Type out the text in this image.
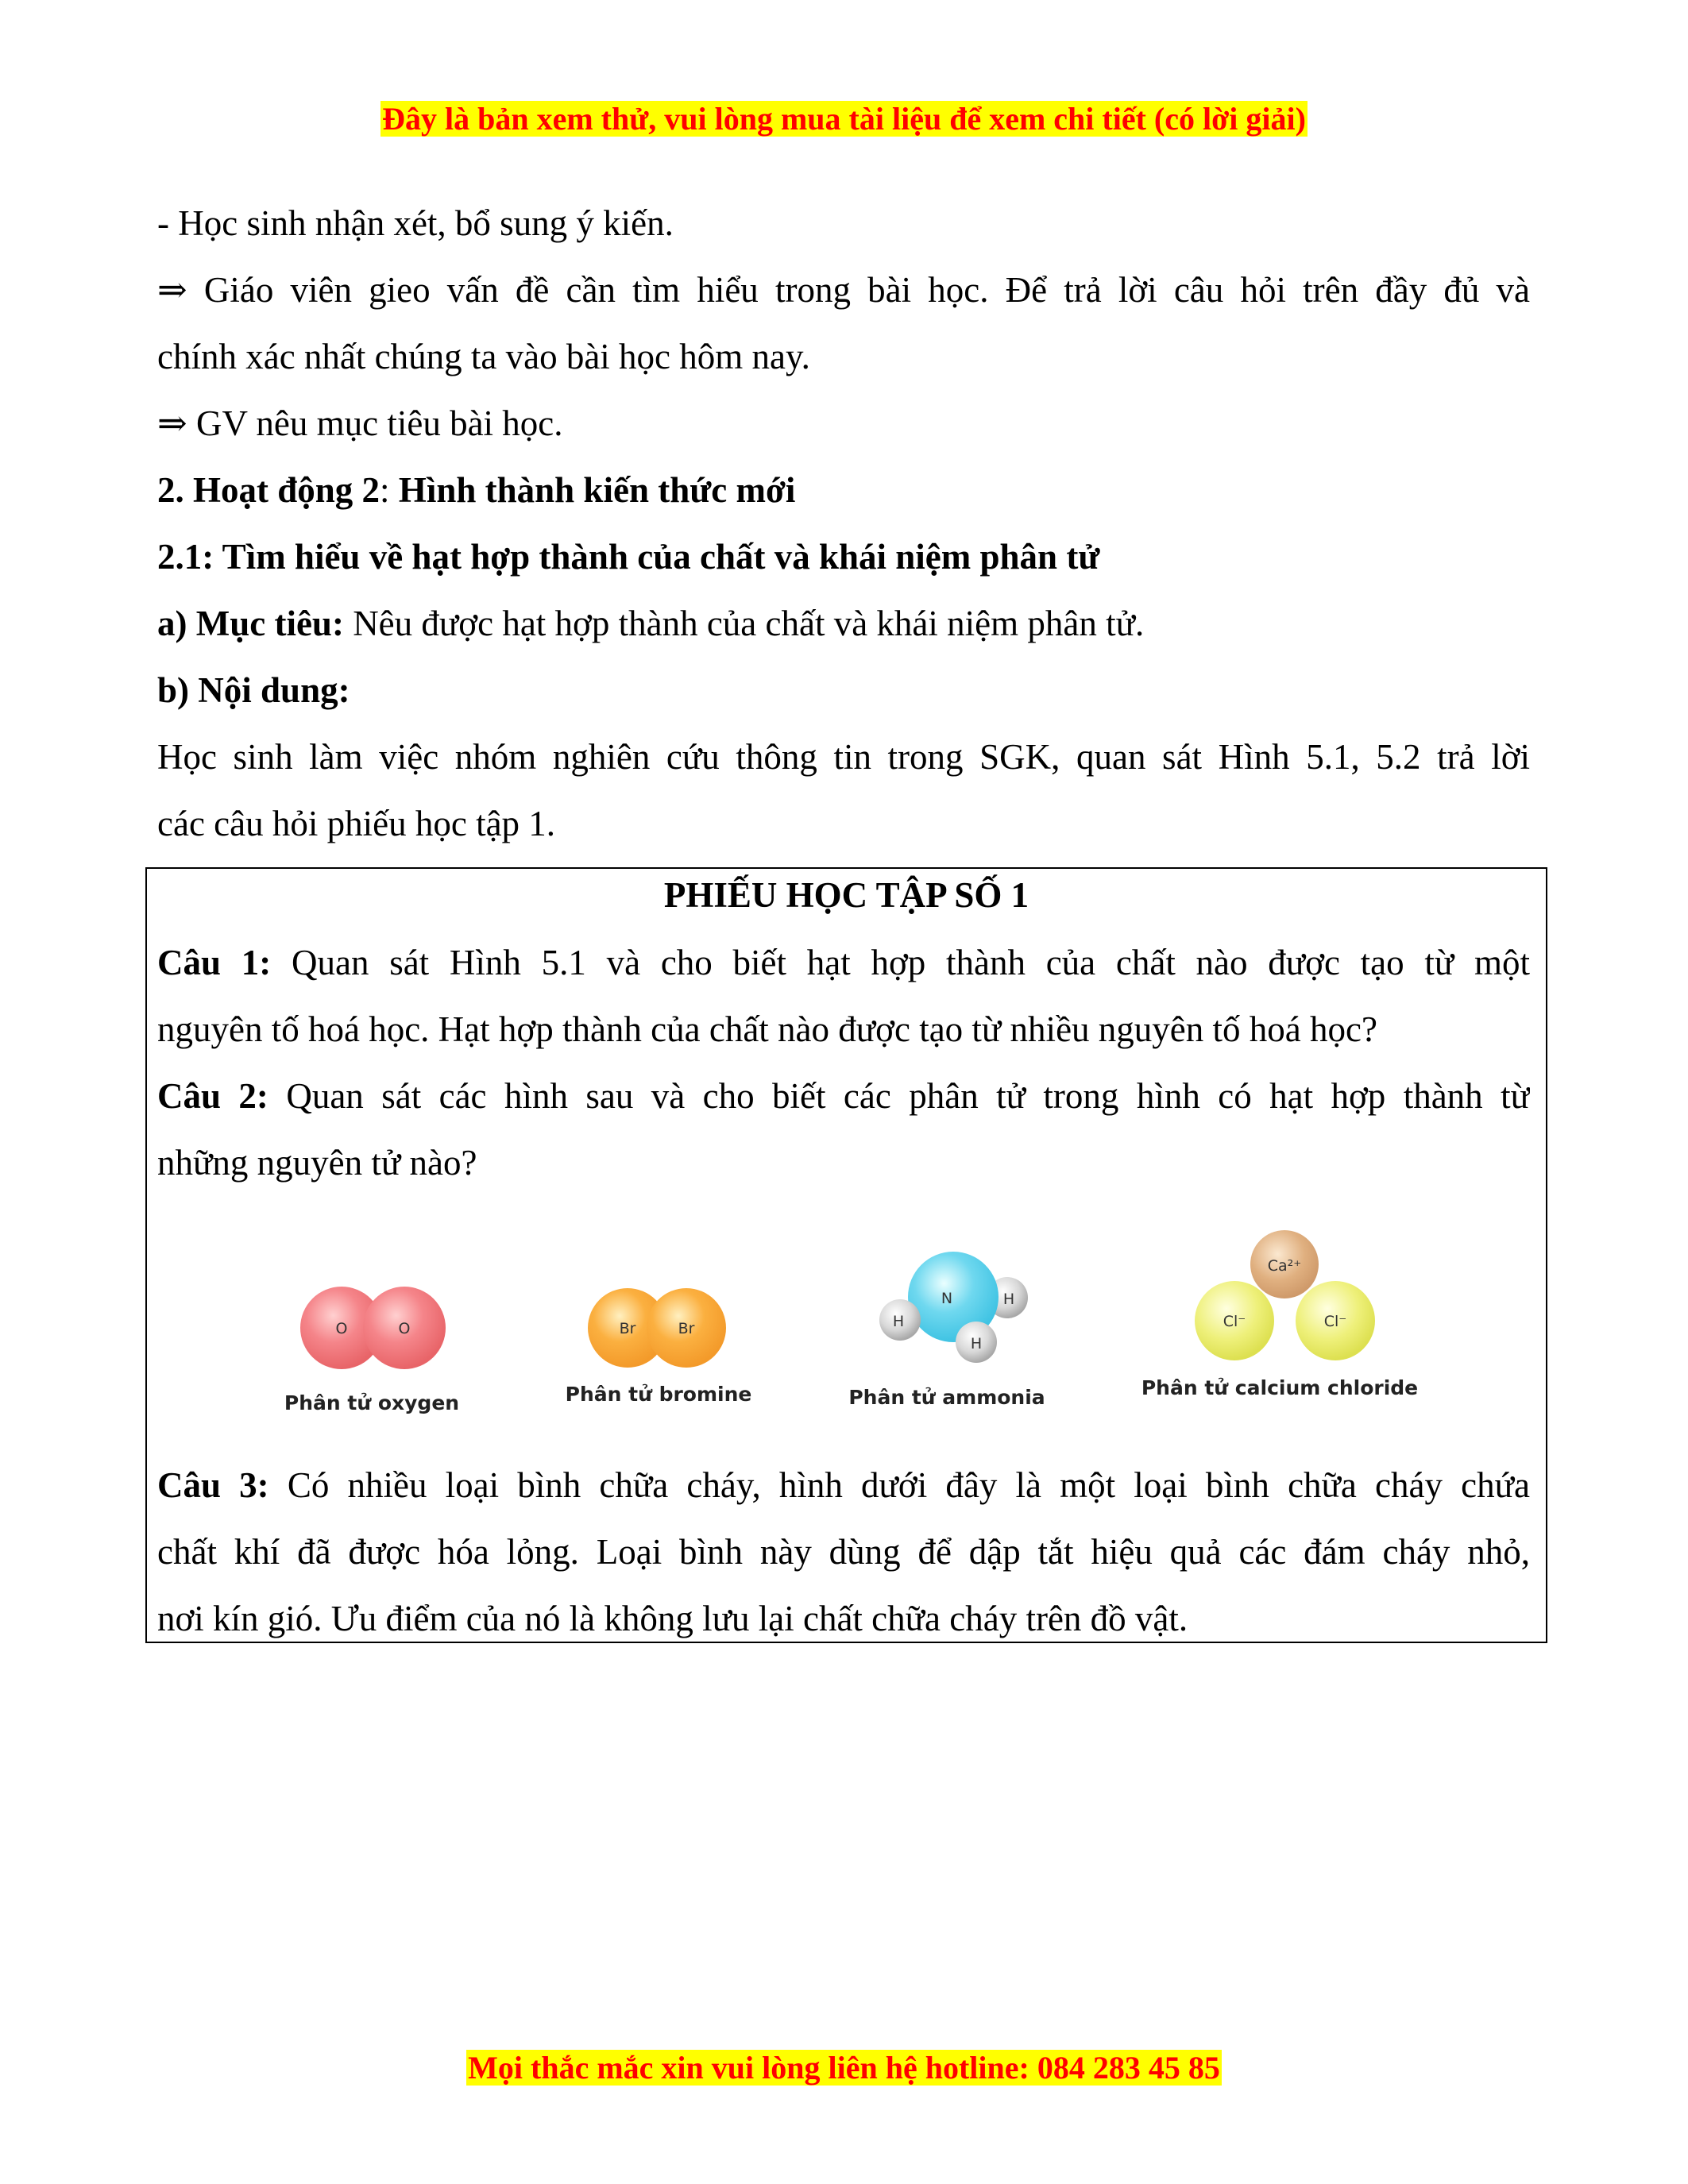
Đây là bản xem thử, vui lòng mua tài liệu để xem chi tiết (có lời giải)
- Học sinh nhận xét, bổ sung ý kiến.
⇒ Giáo viên gieo vấn đề cần tìm hiểu trong bài học. Để trả lời câu hỏi trên đầy đủ và
chính xác nhất chúng ta vào bài học hôm nay.
⇒ GV nêu mục tiêu bài học.
2. Hoạt động 2: Hình thành kiến thức mới
2.1: Tìm hiểu về hạt hợp thành của chất và khái niệm phân tử
a) Mục tiêu: Nêu được hạt hợp thành của chất và khái niệm phân tử.
b) Nội dung:
Học sinh làm việc nhóm nghiên cứu thông tin trong SGK, quan sát Hình 5.1, 5.2 trả lời
các câu hỏi phiếu học tập 1.
PHIẾU HỌC TẬP SỐ 1
Câu 1: Quan sát Hình 5.1 và cho biết hạt hợp thành của chất nào được tạo từ một
nguyên tố hoá học. Hạt hợp thành của chất nào được tạo từ nhiều nguyên tố hoá học?
Câu 2: Quan sát các hình sau và cho biết các phân tử trong hình có hạt hợp thành từ
những nguyên tử nào?
O	O
Phân tử oxygen
Br	Br
Phân tử bromine
N	H
H
H
Phân tử ammonia
Ca²⁺
Cl⁻	Cl⁻
Phân tử calcium chloride
Câu 3: Có nhiều loại bình chữa cháy, hình dưới đây là một loại bình chữa cháy chứa
chất khí đã được hóa lỏng. Loại bình này dùng để dập tắt hiệu quả các đám cháy nhỏ,
nơi kín gió. Ưu điểm của nó là không lưu lại chất chữa cháy trên đồ vật.
Mọi thắc mắc xin vui lòng liên hệ hotline: 084 283 45 85
